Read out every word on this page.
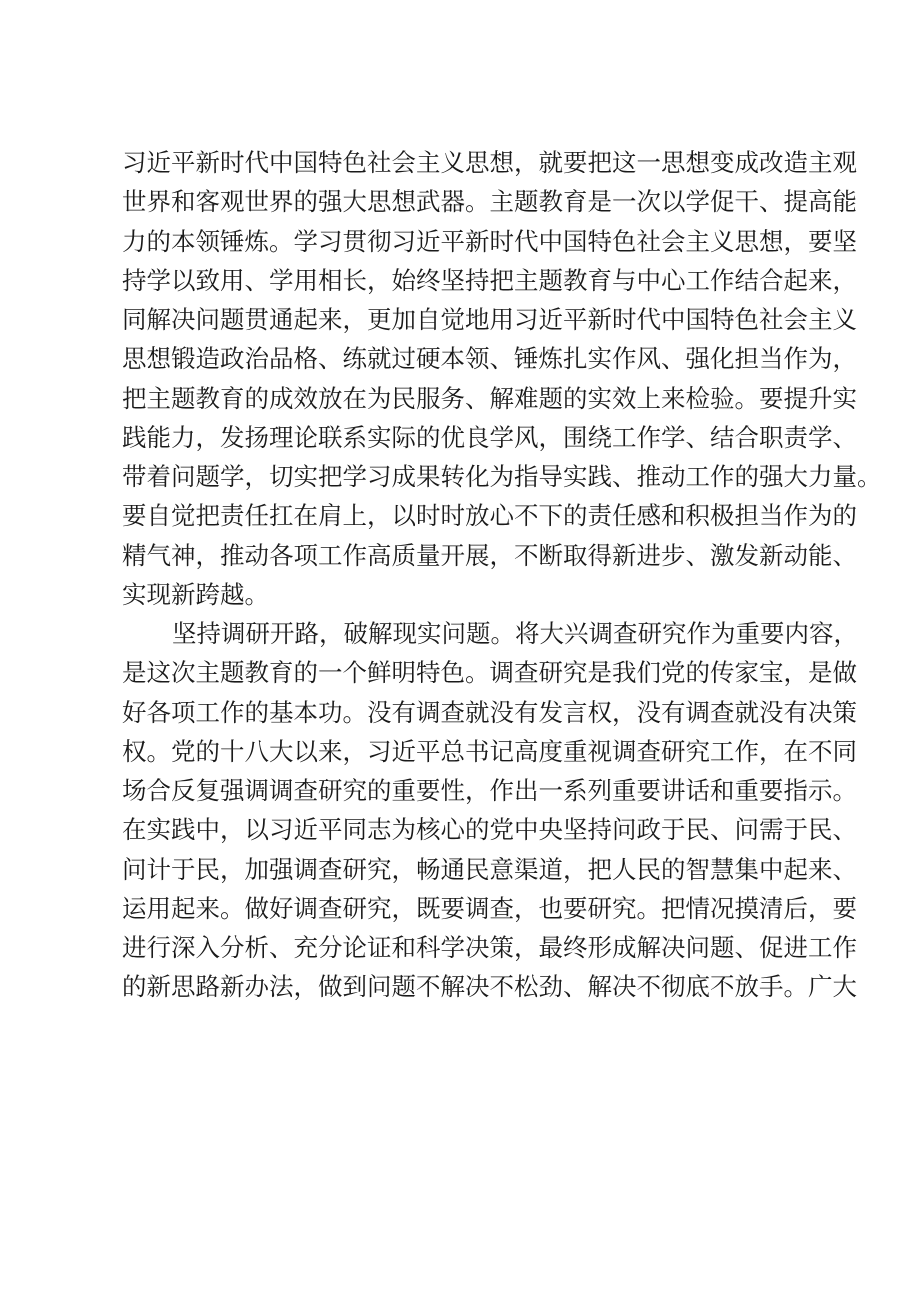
习近平新时代中国特色社会主义思想，就要把这一思想变成改造主观
世界和客观世界的强大思想武器。主题教育是一次以学促干、提高能
力的本领锤炼。学习贯彻习近平新时代中国特色社会主义思想，要坚
持学以致用、学用相长，始终坚持把主题教育与中心工作结合起来，
同解决问题贯通起来，更加自觉地用习近平新时代中国特色社会主义
思想锻造政治品格、练就过硬本领、锤炼扎实作风、强化担当作为，
把主题教育的成效放在为民服务、解难题的实效上来检验。要提升实
践能力，发扬理论联系实际的优良学风，围绕工作学、结合职责学、
带着问题学，切实把学习成果转化为指导实践、推动工作的强大力量。
要自觉把责任扛在肩上，以时时放心不下的责任感和积极担当作为的
精气神，推动各项工作高质量开展，不断取得新进步、激发新动能、
实现新跨越。
坚持调研开路，破解现实问题。将大兴调查研究作为重要内容，
是这次主题教育的一个鲜明特色。调查研究是我们党的传家宝，是做
好各项工作的基本功。没有调查就没有发言权，没有调查就没有决策
权。党的十八大以来，习近平总书记高度重视调查研究工作，在不同
场合反复强调调查研究的重要性，作出一系列重要讲话和重要指示。
在实践中，以习近平同志为核心的党中央坚持问政于民、问需于民、
问计于民，加强调查研究，畅通民意渠道，把人民的智慧集中起来、
运用起来。做好调查研究，既要调查，也要研究。把情况摸清后，要
进行深入分析、充分论证和科学决策，最终形成解决问题、促进工作
的新思路新办法，做到问题不解决不松劲、解决不彻底不放手。广大
